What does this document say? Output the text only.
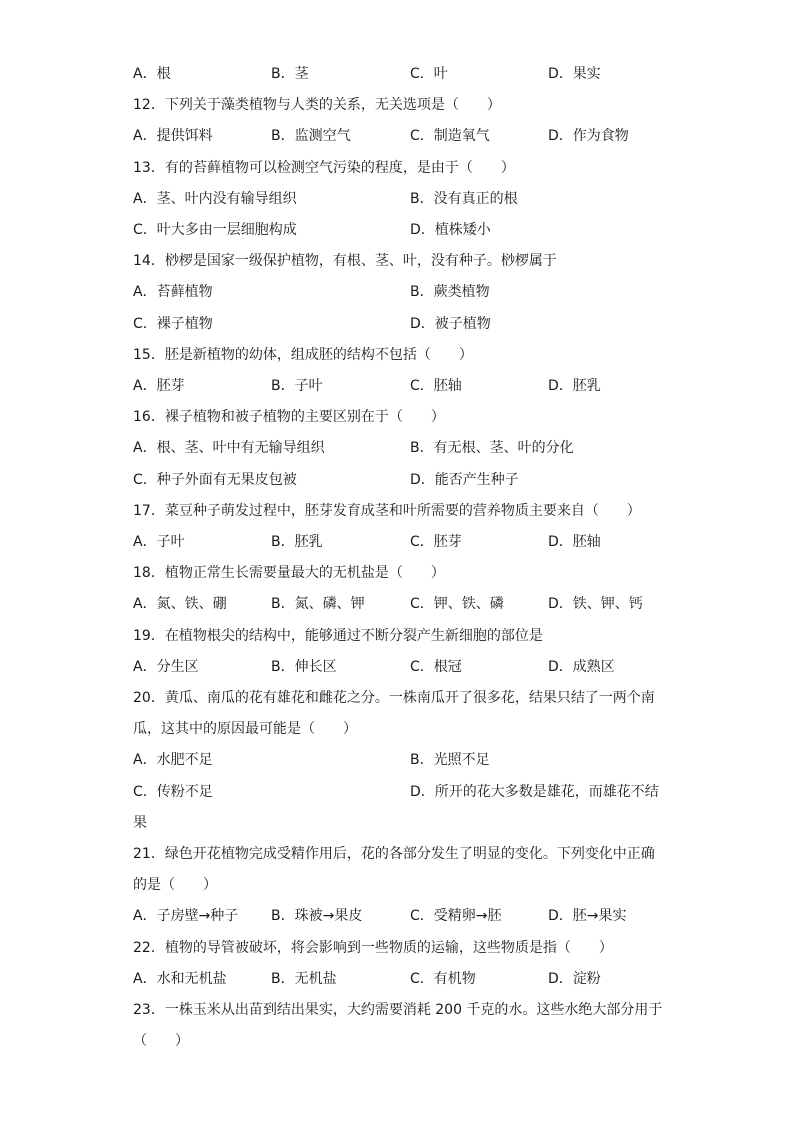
A．根	B．茎	C．叶	D．果实
12．下列关于藻类植物与人类的关系，无关选项是（　　）
A．提供饵料	B．监测空气	C．制造氧气	D．作为食物
13．有的苔藓植物可以检测空气污染的程度，是由于（　　）
A．茎、叶内没有输导组织	B．没有真正的根
C．叶大多由一层细胞构成	D．植株矮小
14．桫椤是国家一级保护植物，有根、茎、叶，没有种子。桫椤属于
A．苔藓植物	B．蕨类植物
C．裸子植物	D．被子植物
15．胚是新植物的幼体，组成胚的结构不包括（　　）
A．胚芽	B．子叶	C．胚轴	D．胚乳
16．裸子植物和被子植物的主要区别在于（　　）
A．根、茎、叶中有无输导组织	B．有无根、茎、叶的分化
C．种子外面有无果皮包被	D．能否产生种子
17．菜豆种子萌发过程中，胚芽发育成茎和叶所需要的营养物质主要来自（　　）
A．子叶	B．胚乳	C．胚芽	D．胚轴
18．植物正常生长需要量最大的无机盐是（　　）
A．氮、铁、硼	B．氮、磷、钾	C．钾、铁、磷	D．铁、钾、钙
19．在植物根尖的结构中，能够通过不断分裂产生新细胞的部位是
A．分生区	B．伸长区	C．根冠	D．成熟区
20．黄瓜、南瓜的花有雄花和雌花之分。一株南瓜开了很多花，结果只结了一两个南
瓜，这其中的原因最可能是（　　）
A．水肥不足	B．光照不足
C．传粉不足	D．所开的花大多数是雄花，而雄花不结
果
21．绿色开花植物完成受精作用后，花的各部分发生了明显的变化。下列变化中正确
的是（　　）
A．子房壁→种子 B．珠被→果皮	C．受精卵→胚	D．胚→果实
22．植物的导管被破坏，将会影响到一些物质的运输，这些物质是指（　　）
A．水和无机盐	B．无机盐	C．有机物	D．淀粉
23．一株玉米从出苗到结出果实，大约需要消耗 200 千克的水。这些水绝大部分用于
（　　）
